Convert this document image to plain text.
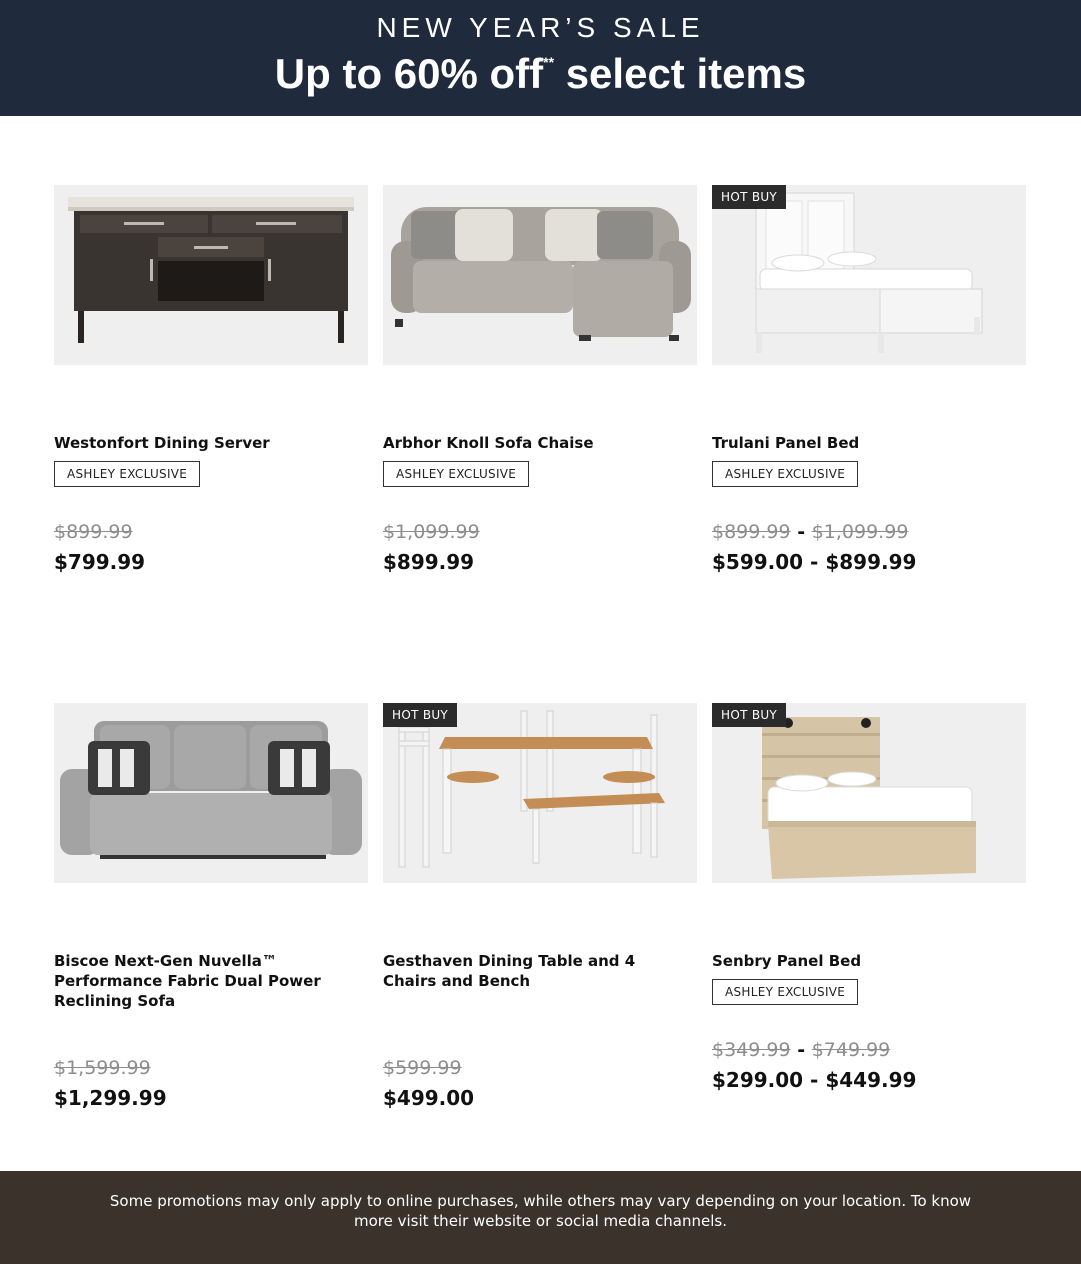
NEW YEAR’S SALE
Up to 60% off** select items
Westonfort Dining Server
ASHLEY EXCLUSIVE
$899.99
$799.99
Arbhor Knoll Sofa Chaise
ASHLEY EXCLUSIVE
$1,099.99
$899.99
HOT BUY
Trulani Panel Bed
ASHLEY EXCLUSIVE
$899.99 - $1,099.99
$599.00 - $899.99
Biscoe Next-Gen Nuvella™ Performance Fabric Dual Power Reclining Sofa
$1,599.99
$1,299.99
HOT BUY
Gesthaven Dining Table and 4 Chairs and Bench
$599.99
$499.00
HOT BUY
Senbry Panel Bed
ASHLEY EXCLUSIVE
$349.99 - $749.99
$299.00 - $449.99
Some promotions may only apply to online purchases, while others may vary depending on your location. To know more visit their website or social media channels.
